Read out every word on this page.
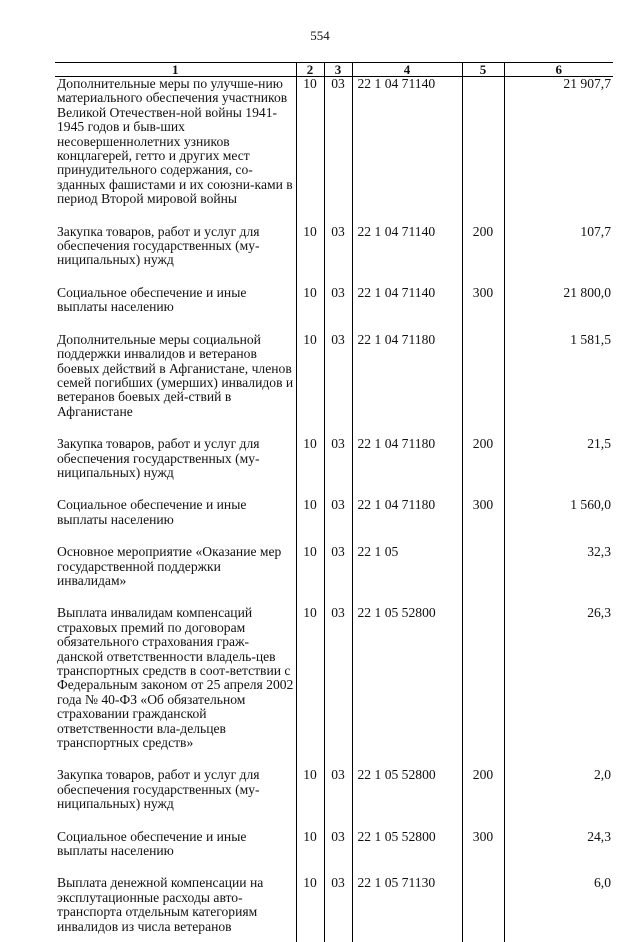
554
1	2	3	4	5	6
Дополнительные меры по улучше-нию материального обеспечения участников Великой Отечествен-ной войны 1941-1945 годов и быв-ших несовершеннолетних узников концлагерей, гетто и других мест принудительного содержания, со-зданных фашистами и их союзни-ками в период Второй мировой войны	10	03	22 1 04 71140		21 907,7
Закупка товаров, работ и услуг для обеспечения государственных (му-ниципальных) нужд	10	03	22 1 04 71140	200	107,7
Социальное обеспечение и иные выплаты населению	10	03	22 1 04 71140	300	21 800,0
Дополнительные меры социальной поддержки инвалидов и ветеранов боевых действий в Афганистане, членов семей погибших (умерших) инвалидов и ветеранов боевых дей-ствий в Афганистане	10	03	22 1 04 71180		1 581,5
Закупка товаров, работ и услуг для обеспечения государственных (му-ниципальных) нужд	10	03	22 1 04 71180	200	21,5
Социальное обеспечение и иные выплаты населению	10	03	22 1 04 71180	300	1 560,0
Основное мероприятие «Оказание мер государственной поддержки инвалидам»	10	03	22 1 05		32,3
Выплата инвалидам компенсаций страховых премий по договорам обязательного страхования граж-данской ответственности владель-цев транспортных средств в соот-ветствии с Федеральным законом от 25 апреля 2002 года № 40-ФЗ «Об обязательном страховании гражданской ответственности вла-дельцев транспортных средств»	10	03	22 1 05 52800		26,3
Закупка товаров, работ и услуг для обеспечения государственных (му-ниципальных) нужд	10	03	22 1 05 52800	200	2,0
Социальное обеспечение и иные выплаты населению	10	03	22 1 05 52800	300	24,3
Выплата денежной компенсации на эксплутационные расходы авто-транспорта отдельным категориям инвалидов из числа ветеранов	10	03	22 1 05 71130		6,0
